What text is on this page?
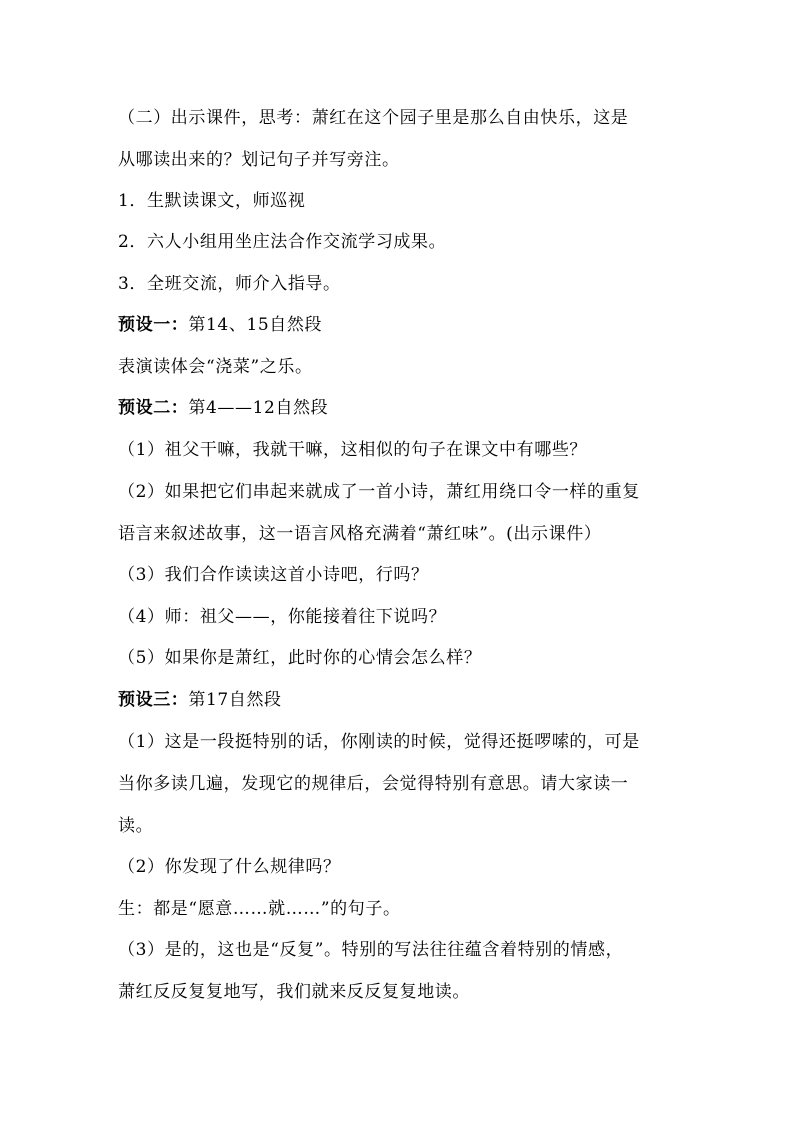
（二）出示课件，思考：萧红在这个园子里是那么自由快乐，这是
从哪读出来的？划记句子并写旁注。
1．生默读课文，师巡视
2．六人小组用坐庄法合作交流学习成果。
3．全班交流，师介入指导。
预设一：第14、15自然段
表演读体会“浇菜”之乐。
预设二：第4——12自然段
（1）祖父干嘛，我就干嘛，这相似的句子在课文中有哪些？
（2）如果把它们串起来就成了一首小诗，萧红用绕口令一样的重复
语言来叙述故事，这一语言风格充满着“萧红味”。(出示课件）
（3）我们合作读读这首小诗吧，行吗？
（4）师：祖父——，你能接着往下说吗？
（5）如果你是萧红，此时你的心情会怎么样？
预设三：第17自然段
（1）这是一段挺特别的话，你刚读的时候，觉得还挺啰嗦的，可是
当你多读几遍，发现它的规律后，会觉得特别有意思。请大家读一
读。
（2）你发现了什么规律吗？
生：都是“愿意……就……”的句子。
（3）是的，这也是“反复”。特别的写法往往蕴含着特别的情感，
萧红反反复复地写，我们就来反反复复地读。
